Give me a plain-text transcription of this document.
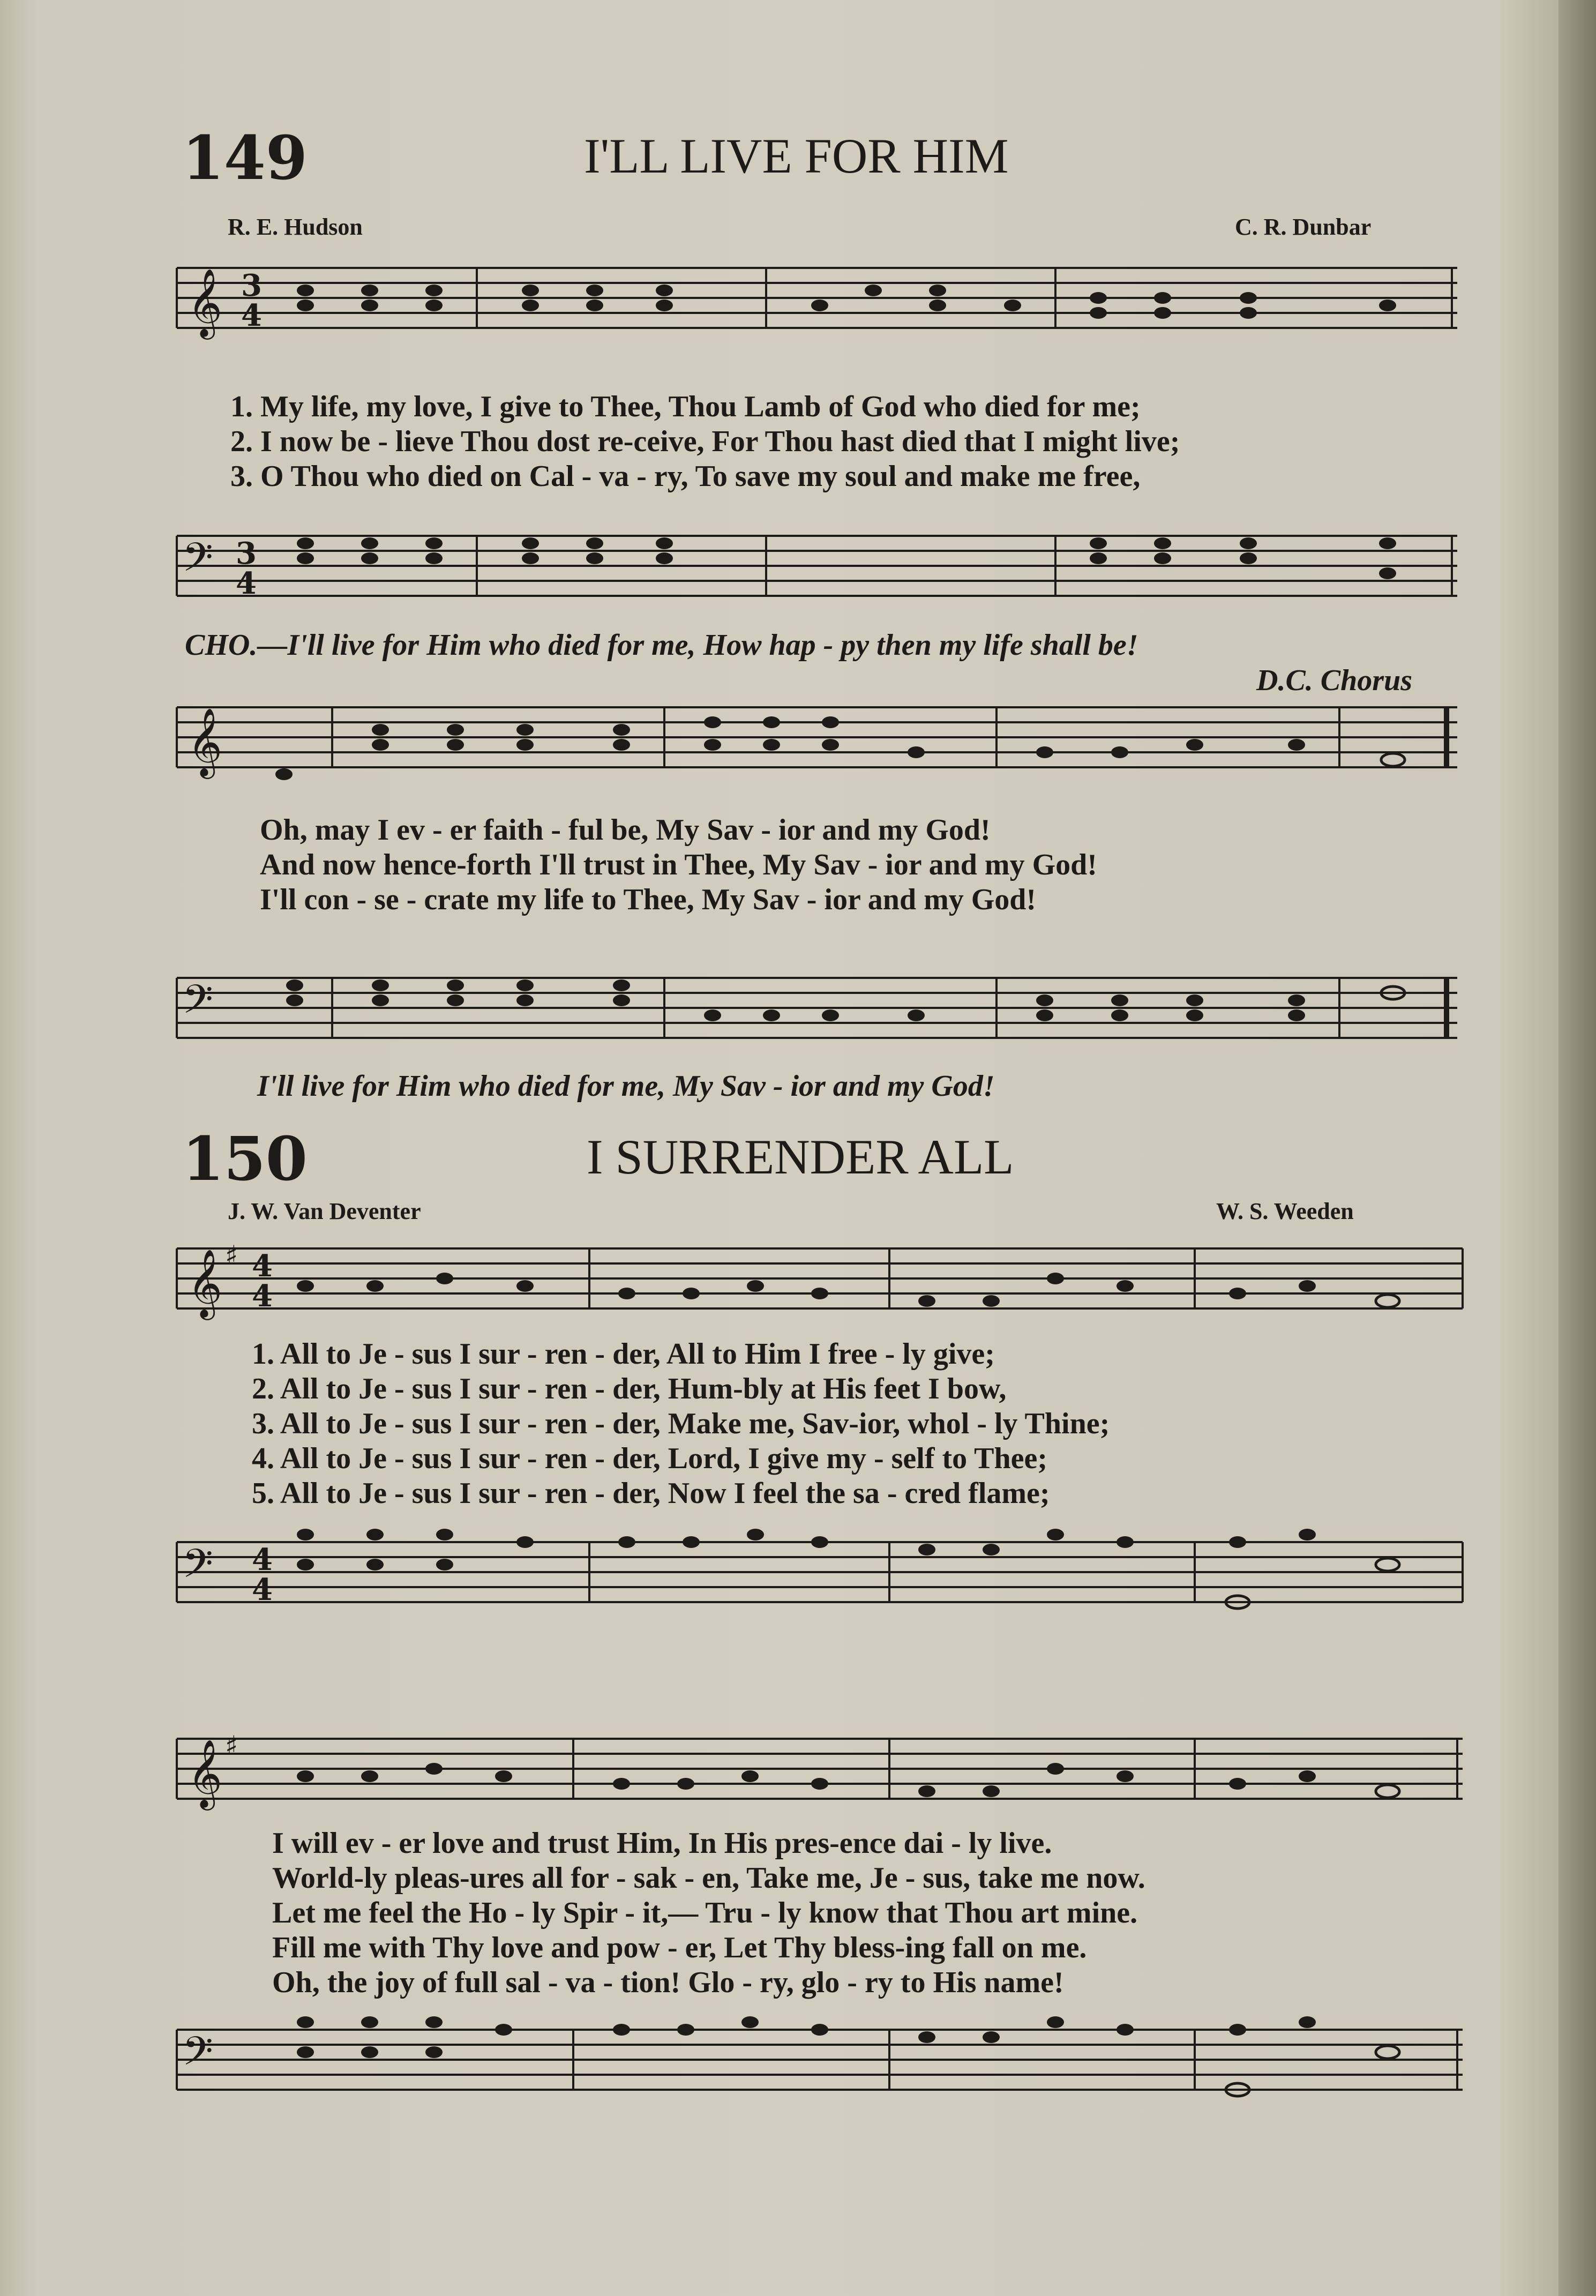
149	I'LL LIVE FOR HIM
R. E. Hudson	C. R. Dunbar
𝄞 3
4
1. My life, my love, I give to Thee, Thou Lamb of God who died for me;
2. I now be - lieve Thou dost re-ceive, For Thou hast died that I might live;
3. O Thou who died on Cal - va - ry, To save my soul and make me free,
𝄢 3
4
CHO.—I'll live for Him who died for me, How hap - py then my life shall be!
D.C. Chorus
𝄞
Oh, may I ev - er faith - ful be, My Sav - ior and my God!
And now hence-forth I'll trust in Thee, My Sav - ior and my God!
I'll con - se - crate my life to Thee, My Sav - ior and my God!
𝄢
I'll live for Him who died for me, My Sav - ior and my God!
150	I SURRENDER ALL
J. W. Van Deventer	W. S. Weeden
𝄞 ♯ 4
4
1. All to Je - sus I sur - ren - der, All to Him I free - ly give;
2. All to Je - sus I sur - ren - der, Hum-bly at His feet I bow,
3. All to Je - sus I sur - ren - der, Make me, Sav-ior, whol - ly Thine;
4. All to Je - sus I sur - ren - der, Lord, I give my - self to Thee;
5. All to Je - sus I sur - ren - der, Now I feel the sa - cred flame;
𝄢 4
4
𝄞 ♯
I will ev - er love and trust Him, In His pres-ence dai - ly live.
World-ly pleas-ures all for - sak - en, Take me, Je - sus, take me now.
Let me feel the Ho - ly Spir - it,— Tru - ly know that Thou art mine.
Fill me with Thy love and pow - er, Let Thy bless-ing fall on me.
Oh, the joy of full sal - va - tion! Glo - ry, glo - ry to His name!
𝄢
